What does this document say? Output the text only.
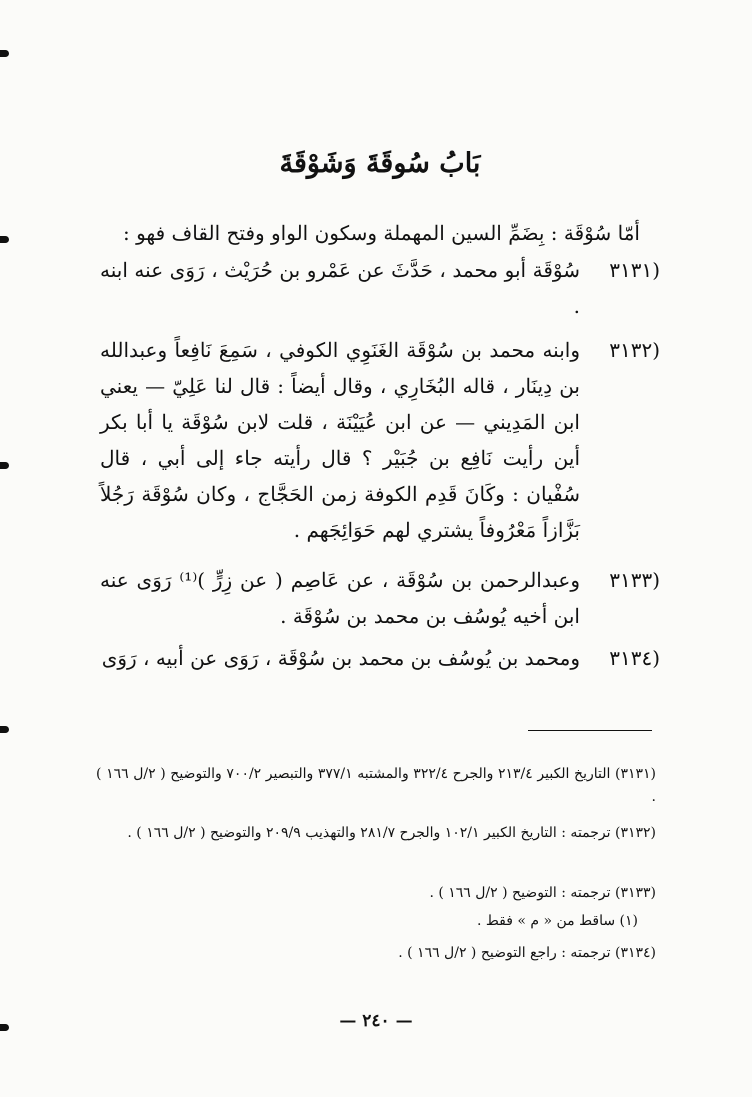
بَابُ سُوقَةَ وَشَوْقَةَ
أمّا سُوْقَة : بِضَمِّ السين المهملة وسكون الواو وفتح القاف فهو :
(٣١٣١
سُوْقَة أبو محمد ، حَدَّثَ عن عَمْرو بن حُرَيْث ، رَوَى عنه ابنه .
(٣١٣٢
وابنه محمد بن سُوْقَة الغَنَوِي الكوفي ، سَمِعَ نَافِعاً وعبدالله بن دِينَار ، قاله البُخَارِي ، وقال أيضاً : قال لنا عَلِيّ — يعني ابن المَدِيني — عن ابن عُيَيْنَة ، قلت لابن سُوْقَة يا أبا بكر أين رأيت نَافِع بن جُبَيْر ؟ قال رأيته جاء إلى أبي ، قال سُفْيان : وكَانَ قَدِم الكوفة زمن الحَجَّاج ، وكان سُوْقَة رَجُلاً بَزَّازاً مَعْرُوفاً يشتري لهم حَوَائِجَهم .
(٣١٣٣
وعبدالرحمن بن سُوْقَة ، عن عَاصِم ( عن زِرٍّ )⁽¹⁾ رَوَى عنه ابن أخيه يُوسُف بن محمد بن سُوْقَة .
(٣١٣٤
ومحمد بن يُوسُف بن محمد بن سُوْقَة ، رَوَى عن أبيه ، رَوَى
(٣١٣١) التاريخ الكبير ٢١٣/٤ والجرح ٣٢٢/٤ والمشتبه ٣٧٧/١ والتبصير ٧٠٠/٢ والتوضيح ( ٢/ل ١٦٦ ) .
(٣١٣٢) ترجمته : التاريخ الكبير ١٠٢/١ والجرح ٢٨١/٧ والتهذيب ٢٠٩/٩ والتوضيح ( ٢/ل ١٦٦ ) .
(٣١٣٣) ترجمته : التوضيح ( ٢/ل ١٦٦ ) .
(١) ساقط من « م » فقط .
(٣١٣٤) ترجمته : راجع التوضيح ( ٢/ل ١٦٦ ) .
— ٢٤٠ —
